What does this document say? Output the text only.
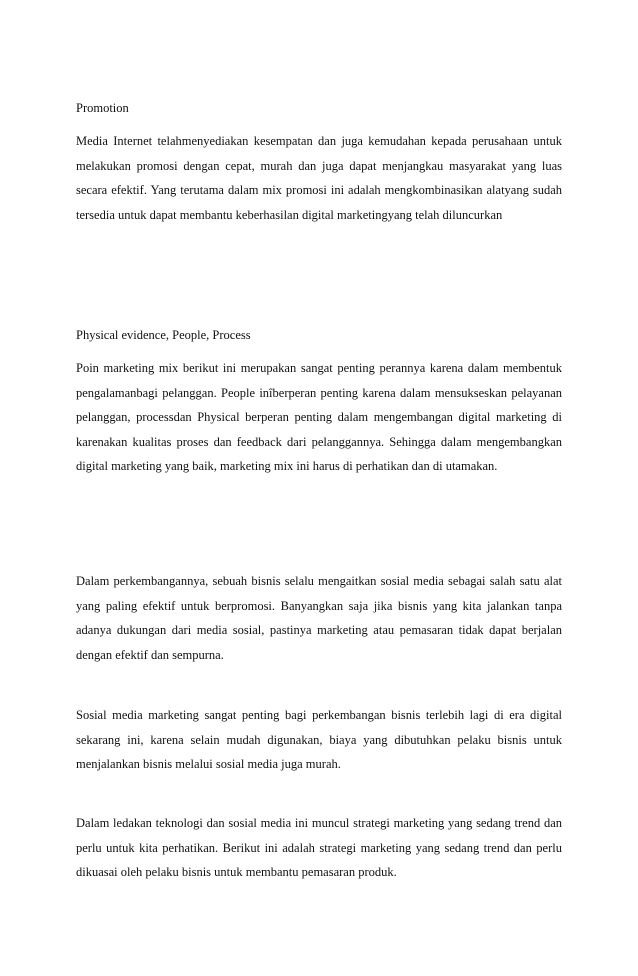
Promotion

Media Internet telahmenyediakan kesempatan dan juga kemudahan kepada perusahaan untuk melakukan promosi dengan cepat, murah dan juga dapat menjangkau masyarakat yang luas secara efektif. Yang terutama dalam mix promosi ini adalah mengkombinasikan alatyang sudah tersedia untuk dapat membantu keberhasilan digital marketingyang telah diluncurkan

Physical evidence, People, Process

Poin marketing mix berikut ini merupakan sangat penting perannya karena dalam membentuk pengalamanbagi pelanggan. People inîberperan penting karena dalam mensukseskan pelayanan pelanggan, processdan Physical berperan penting dalam mengembangan digital marketing di karenakan kualitas proses dan feedback dari pelanggannya. Sehingga dalam mengembangkan digital marketing yang baik, marketing mix ini harus di perhatikan dan di utamakan.

Dalam perkembangannya, sebuah bisnis selalu mengaitkan sosial media sebagai salah satu alat yang paling efektif untuk berpromosi. Banyangkan saja jika bisnis yang kita jalankan tanpa adanya dukungan dari media sosial, pastinya marketing atau pemasaran tidak dapat berjalan dengan efektif dan sempurna.

Sosial media marketing sangat penting bagi perkembangan bisnis terlebih lagi di era digital sekarang ini, karena selain mudah digunakan, biaya yang dibutuhkan pelaku bisnis untuk menjalankan bisnis melalui sosial media juga murah.

Dalam ledakan teknologi dan sosial media ini muncul strategi marketing yang sedang trend dan perlu untuk kita perhatikan. Berikut ini adalah strategi marketing yang sedang trend dan perlu dikuasai oleh pelaku bisnis untuk membantu pemasaran produk.
